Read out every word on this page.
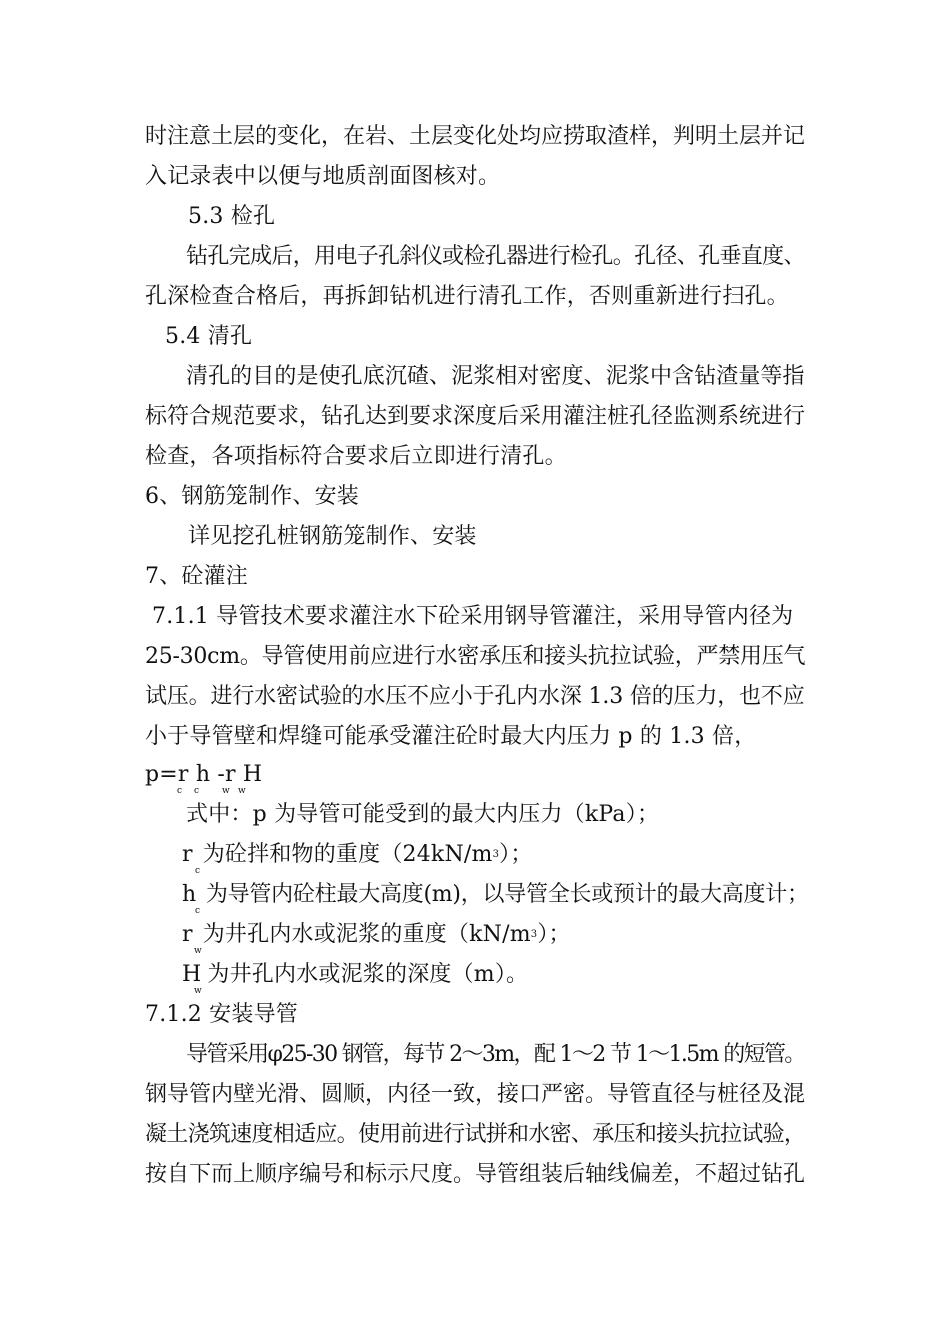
时注意土层的变化，在岩、土层变化处均应捞取渣样，判明土层并记
入记录表中以便与地质剖面图核对。
5.3 检孔
钻孔完成后，用电子孔斜仪或检孔器进行检孔。孔径、孔垂直度、
孔深检查合格后，再拆卸钻机进行清孔工作，否则重新进行扫孔。
5.4 清孔
清孔的目的是使孔底沉碴、泥浆相对密度、泥浆中含钻渣量等指
标符合规范要求，钻孔达到要求深度后采用灌注桩孔径监测系统进行
检查，各项指标符合要求后立即进行清孔。
6、钢筋笼制作、安装
详见挖孔桩钢筋笼制作、安装
7、砼灌注
7.1.1 导管技术要求灌注水下砼采用钢导管灌注，采用导管内径为
25-30cm。导管使用前应进行水密承压和接头抗拉试验，严禁用压气
试压。进行水密试验的水压不应小于孔内水深 1.3 倍的压力，也不应
小于导管壁和焊缝可能承受灌注砼时最大内压力 p 的 1.3 倍，
p=r h -r H
c c	w w
式中：p 为导管可能受到的最大内压力（kPa）；
r 为砼拌和物的重度$(24kN/m^3)$；
c
h 为导管内砼柱最大高度(m)，以导管全长或预计的最大高度计；
c
r 为井孔内水或泥浆的重度$(kN/m^3)$；
w
H 为井孔内水或泥浆的深度（m）。
w
7.1.2 安装导管
导管采用φ25-30 钢管，每节 2～3m，配 1～2 节 1～1.5m 的短管。
钢导管内壁光滑、圆顺，内径一致，接口严密。导管直径与桩径及混
凝土浇筑速度相适应。使用前进行试拼和水密、承压和接头抗拉试验，
按自下而上顺序编号和标示尺度。导管组装后轴线偏差，不超过钻孔
